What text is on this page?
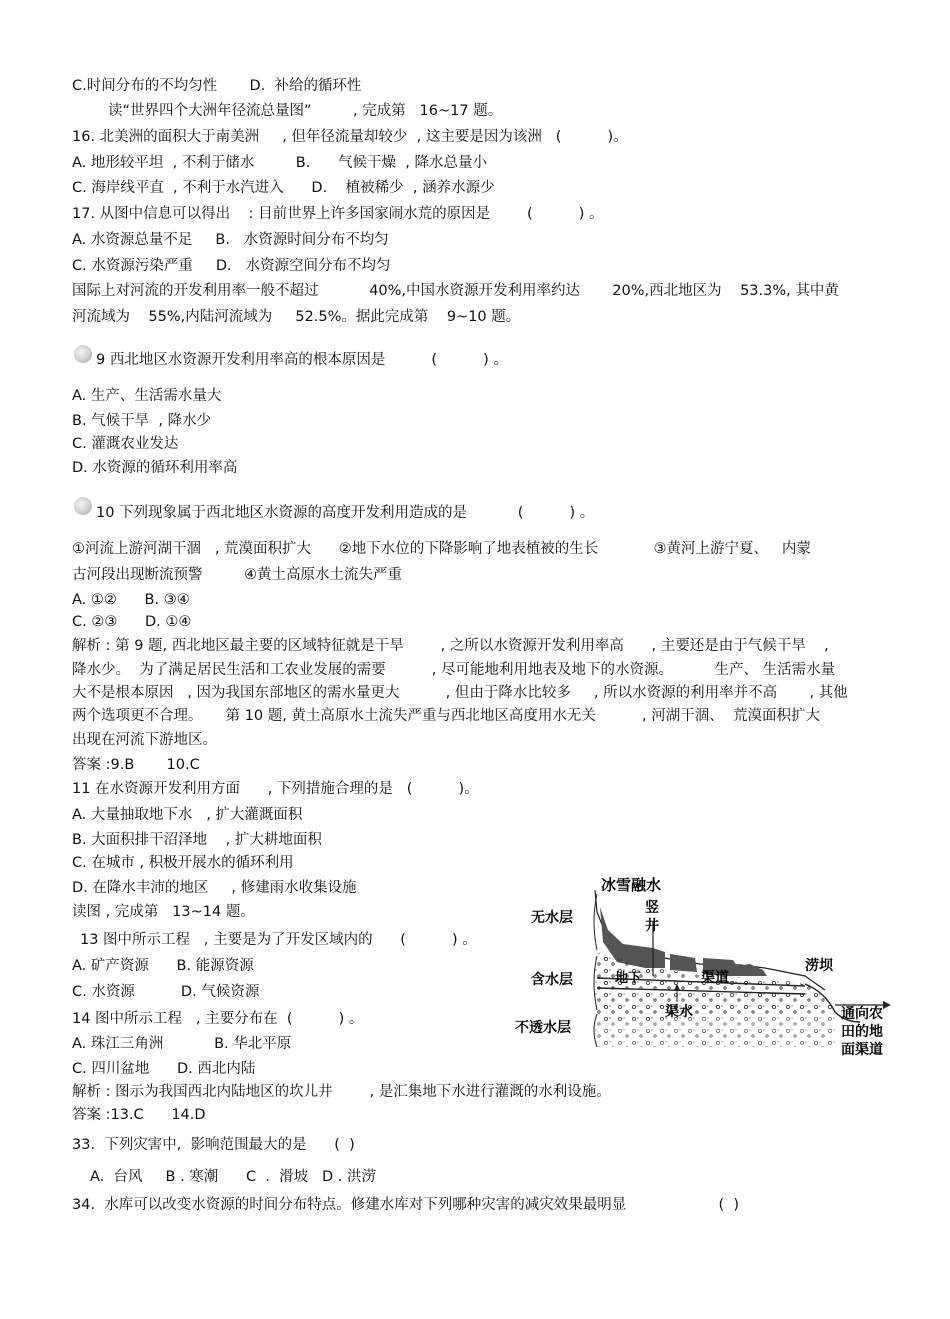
C.时间分布的不均匀性       D.  补给的循环性
读“世界四个大洲年径流总量图”         , 完成第   16~17 题。
16. 北美洲的面积大于南美洲     , 但年径流量却较少  , 这主要是因为该洲   (          )。
A. 地形较平坦  , 不利于储水         B.      气候干燥  , 降水总量小
C. 海岸线平直  , 不利于水汽进入      D.    植被稀少  , 涵养水源少
17. 从图中信息可以得出    : 目前世界上许多国家闹水荒的原因是        (          ) 。
A. 水资源总量不足     B.   水资源时间分布不均匀
C. 水资源污染严重     D.   水资源空间分布不均匀
国际上对河流的开发利用率一般不超过           40%,中国水资源开发利用率约达       20%,西北地区为    53.3%, 其中黄
河流域为    55%,内陆河流域为     52.5%。据此完成第    9~10 题。
9 西北地区水资源开发利用率高的根本原因是          (          ) 。
A. 生产、生活需水量大
B. 气候干旱  , 降水少
C. 灌溉农业发达
D. 水资源的循环利用率高
10 下列现象属于西北地区水资源的高度开发利用造成的是           (          ) 。
①河流上游河湖干涸   , 荒漠面积扩大      ②地下水位的下降影响了地表植被的生长            ③黄河上游宁夏、   内蒙
古河段出现断流预警         ④黄土高原水土流失严重
A. ①②      B. ③④
C. ②③      D. ①④
解析 : 第 9 题, 西北地区最主要的区域特征就是干旱        , 之所以水资源开发利用率高      , 主要还是由于气候干旱    ,
降水少。  为了满足居民生活和工农业发展的需要          , 尽可能地利用地表及地下的水资源。         生产、 生活需水量
大不是根本原因   , 因为我国东部地区的需水量更大          , 但由于降水比较多     , 所以水资源的利用率并不高       , 其他
两个选项更不合理。     第 10 题, 黄土高原水土流失严重与西北地区高度用水无关          , 河湖干涸、  荒漠面积扩大
出现在河流下游地区。
答案 :9.B       10.C
11 在水资源开发利用方面      , 下列措施合理的是   (          )。
A. 大量抽取地下水   , 扩大灌溉面积
B. 大面积排干沼泽地    , 扩大耕地面积
C. 在城市 , 积极开展水的循环利用
D. 在降水丰沛的地区     , 修建雨水收集设施
读图 , 完成第   13~14 题。
13 图中所示工程   , 主要是为了开发区域内的      (          ) 。
A. 矿产资源      B. 能源资源
C. 水资源          D. 气候资源
14 图中所示工程   , 主要分布在  (          ) 。
A. 珠江三角洲           B. 华北平原
C. 四川盆地      D. 西北内陆
解析 : 图示为我国西北内陆地区的坎儿井        , 是汇集地下水进行灌溉的水利设施。
答案 :13.C      14.D
33.  下列灾害中,  影响范围最大的是      (  )
A.  台风     B . 寒潮      C  .  滑坡   D . 洪涝
34.  水库可以改变水资源的时间分布特点。修建水库对下列哪种灾害的减灾效果最明显                    (  )
冰雪融水
无水层
竖
井
含水层	地下	渠道
涝坝
渠水
不透水层
通向农
田的地
面渠道
